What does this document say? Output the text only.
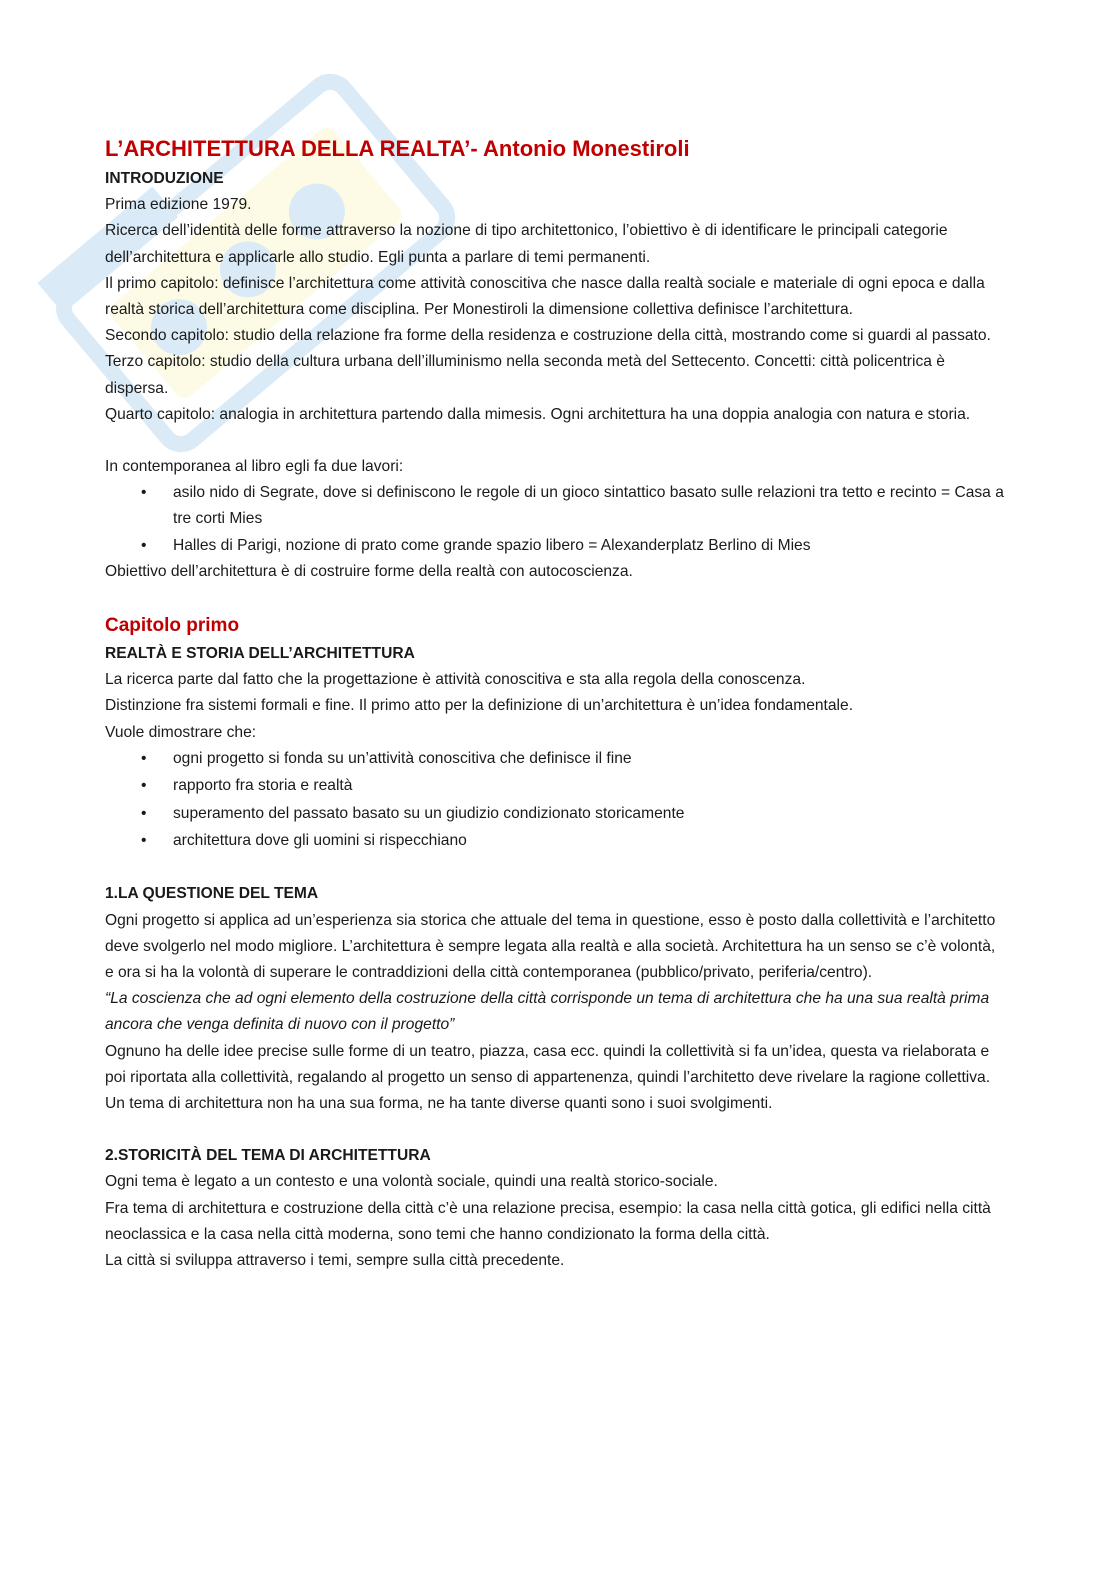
L’ARCHITETTURA DELLA REALTA’- Antonio Monestiroli

INTRODUZIONE

Prima edizione 1979.

Ricerca dell’identità delle forme attraverso la nozione di tipo architettonico, l’obiettivo è di identificare le principali categorie dell’architettura e applicarle allo studio. Egli punta a parlare di temi permanenti.

Il primo capitolo: definisce l’architettura come attività conoscitiva che nasce dalla realtà sociale e materiale di ogni epoca e dalla realtà storica dell’architettura come disciplina. Per Monestiroli la dimensione collettiva definisce l’architettura.

Secondo capitolo: studio della relazione fra forme della residenza e costruzione della città, mostrando come si guardi al passato.

Terzo capitolo: studio della cultura urbana dell’illuminismo nella seconda metà del Settecento. Concetti: città policentrica è dispersa.

Quarto capitolo: analogia in architettura partendo dalla mimesis. Ogni architettura ha una doppia analogia con natura e storia.

In contemporanea al libro egli fa due lavori:

• asilo nido di Segrate, dove si definiscono le regole di un gioco sintattico basato sulle relazioni tra tetto e recinto = Casa a tre corti Mies
• Halles di Parigi, nozione di prato come grande spazio libero = Alexanderplatz Berlino di Mies

Obiettivo dell’architettura è di costruire forme della realtà con autocoscienza.

Capitolo primo

REALTÀ E STORIA DELL’ARCHITETTURA

La ricerca parte dal fatto che la progettazione è attività conoscitiva e sta alla regola della conoscenza.

Distinzione fra sistemi formali e fine. Il primo atto per la definizione di un’architettura è un’idea fondamentale.

Vuole dimostrare che:

• ogni progetto si fonda su un’attività conoscitiva che definisce il fine
• rapporto fra storia e realtà
• superamento del passato basato su un giudizio condizionato storicamente
• architettura dove gli uomini si rispecchiano

1.LA QUESTIONE DEL TEMA

Ogni progetto si applica ad un’esperienza sia storica che attuale del tema in questione, esso è posto dalla collettività e l’architetto deve svolgerlo nel modo migliore. L’architettura è sempre legata alla realtà e alla società. Architettura ha un senso se c’è volontà, e ora si ha la volontà di superare le contraddizioni della città contemporanea (pubblico/privato, periferia/centro).

“La coscienza che ad ogni elemento della costruzione della città corrisponde un tema di architettura che ha una sua realtà prima ancora che venga definita di nuovo con il progetto”

Ognuno ha delle idee precise sulle forme di un teatro, piazza, casa ecc. quindi la collettività si fa un’idea, questa va rielaborata e poi riportata alla collettività, regalando al progetto un senso di appartenenza, quindi l’architetto deve rivelare la ragione collettiva.

Un tema di architettura non ha una sua forma, ne ha tante diverse quanti sono i suoi svolgimenti.

2.STORICITÀ DEL TEMA DI ARCHITETTURA

Ogni tema è legato a un contesto e una volontà sociale, quindi una realtà storico-sociale.

Fra tema di architettura e costruzione della città c’è una relazione precisa, esempio: la casa nella città gotica, gli edifici nella città neoclassica e la casa nella città moderna, sono temi che hanno condizionato la forma della città.

La città si sviluppa attraverso i temi, sempre sulla città precedente.
